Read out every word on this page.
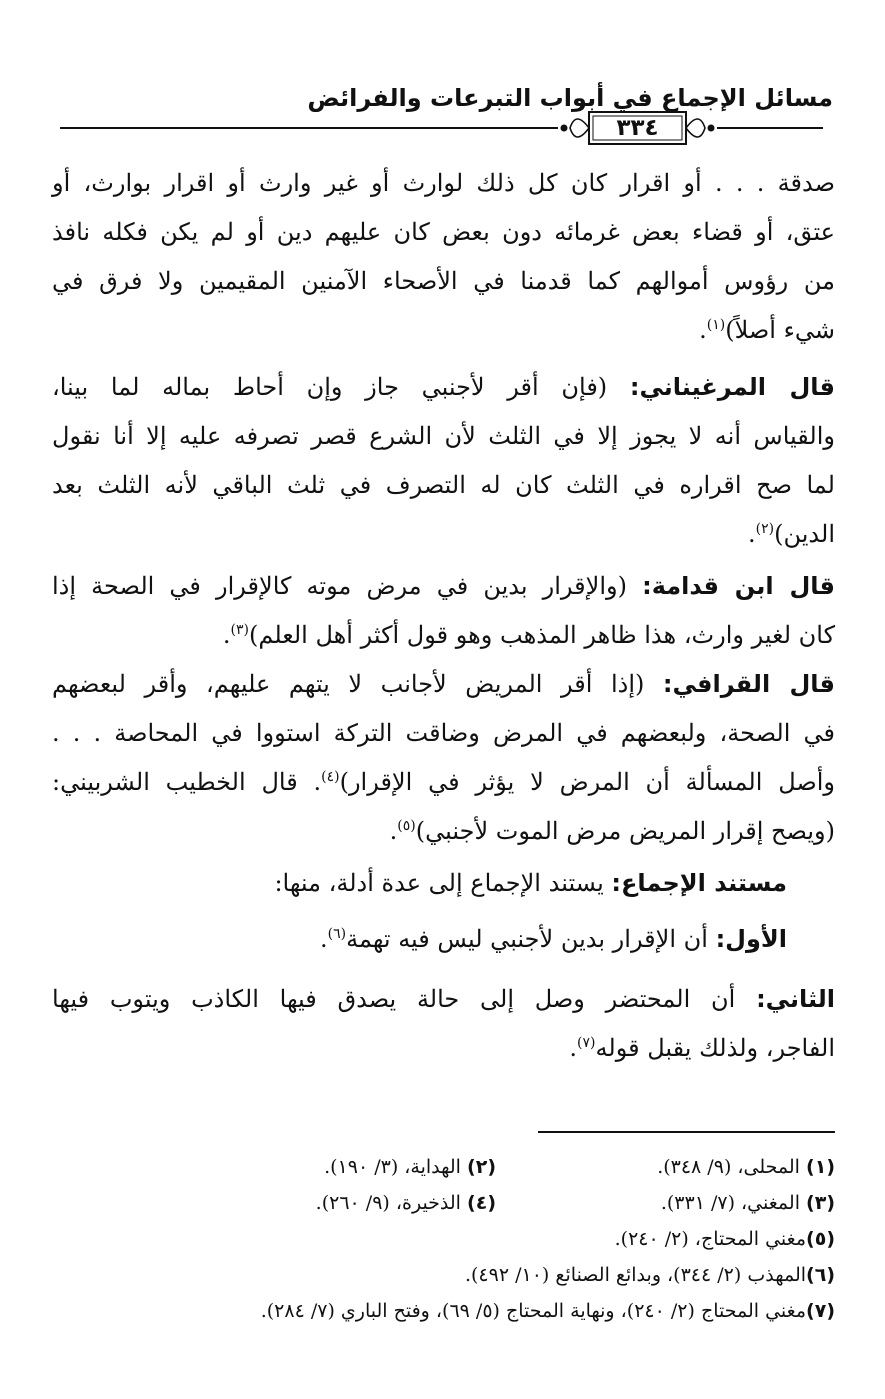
مسائل الإجماع في أبواب التبرعات والفرائض
٣٣٤
صدقة . . . أو اقرار كان كل ذلك لوارث أو غير وارث أو اقرار بوارث، أو
عتق، أو قضاء بعض غرمائه دون بعض كان عليهم دين أو لم يكن فكله نافذ
من رؤوس أموالهم كما قدمنا في الأصحاء الآمنين المقيمين ولا فرق في
شيء أصلاً)$^{(١)}$.
قال المرغيناني: (فإن أقر لأجنبي جاز وإن أحاط بماله لما بينا،
والقياس أنه لا يجوز إلا في الثلث لأن الشرع قصر تصرفه عليه إلا أنا نقول
لما صح اقراره في الثلث كان له التصرف في ثلث الباقي لأنه الثلث بعد
الدين)$^{(٢)}$.
قال ابن قدامة: (والإقرار بدين في مرض موته كالإقرار في الصحة إذا
كان لغير وارث، هذا ظاهر المذهب وهو قول أكثر أهل العلم)$^{(٣)}$.
قال القرافي: (إذا أقر المريض لأجانب لا يتهم عليهم، وأقر لبعضهم
في الصحة، ولبعضهم في المرض وضاقت التركة استووا في المحاصة . . .
وأصل المسألة أن المرض لا يؤثر في الإقرار)$^{(٤)}$. قال الخطيب الشربيني:
(ويصح إقرار المريض مرض الموت لأجنبي)$^{(٥)}$.
مستند الإجماع: يستند الإجماع إلى عدة أدلة، منها:
الأول: أن الإقرار بدين لأجنبي ليس فيه تهمة$^{(٦)}$.
الثاني: أن المحتضر وصل إلى حالة يصدق فيها الكاذب ويتوب فيها
الفاجر، ولذلك يقبل قوله$^{(٧)}$.
(١) المحلى، (٩/ ٣٤٨).
(٢) الهداية، (٣/ ١٩٠).
(٣) المغني، (٧/ ٣٣١).
(٤) الذخيرة، (٩/ ٢٦٠).
(٥)
مغني المحتاج، (٢/ ٢٤٠).
(٦)
المهذب (٢/ ٣٤٤)، وبدائع الصنائع (١٠/ ٤٩٢).
(٧)
مغني المحتاج (٢/ ٢٤٠)، ونهاية المحتاج (٥/ ٦٩)، وفتح الباري (٧/ ٢٨٤).
